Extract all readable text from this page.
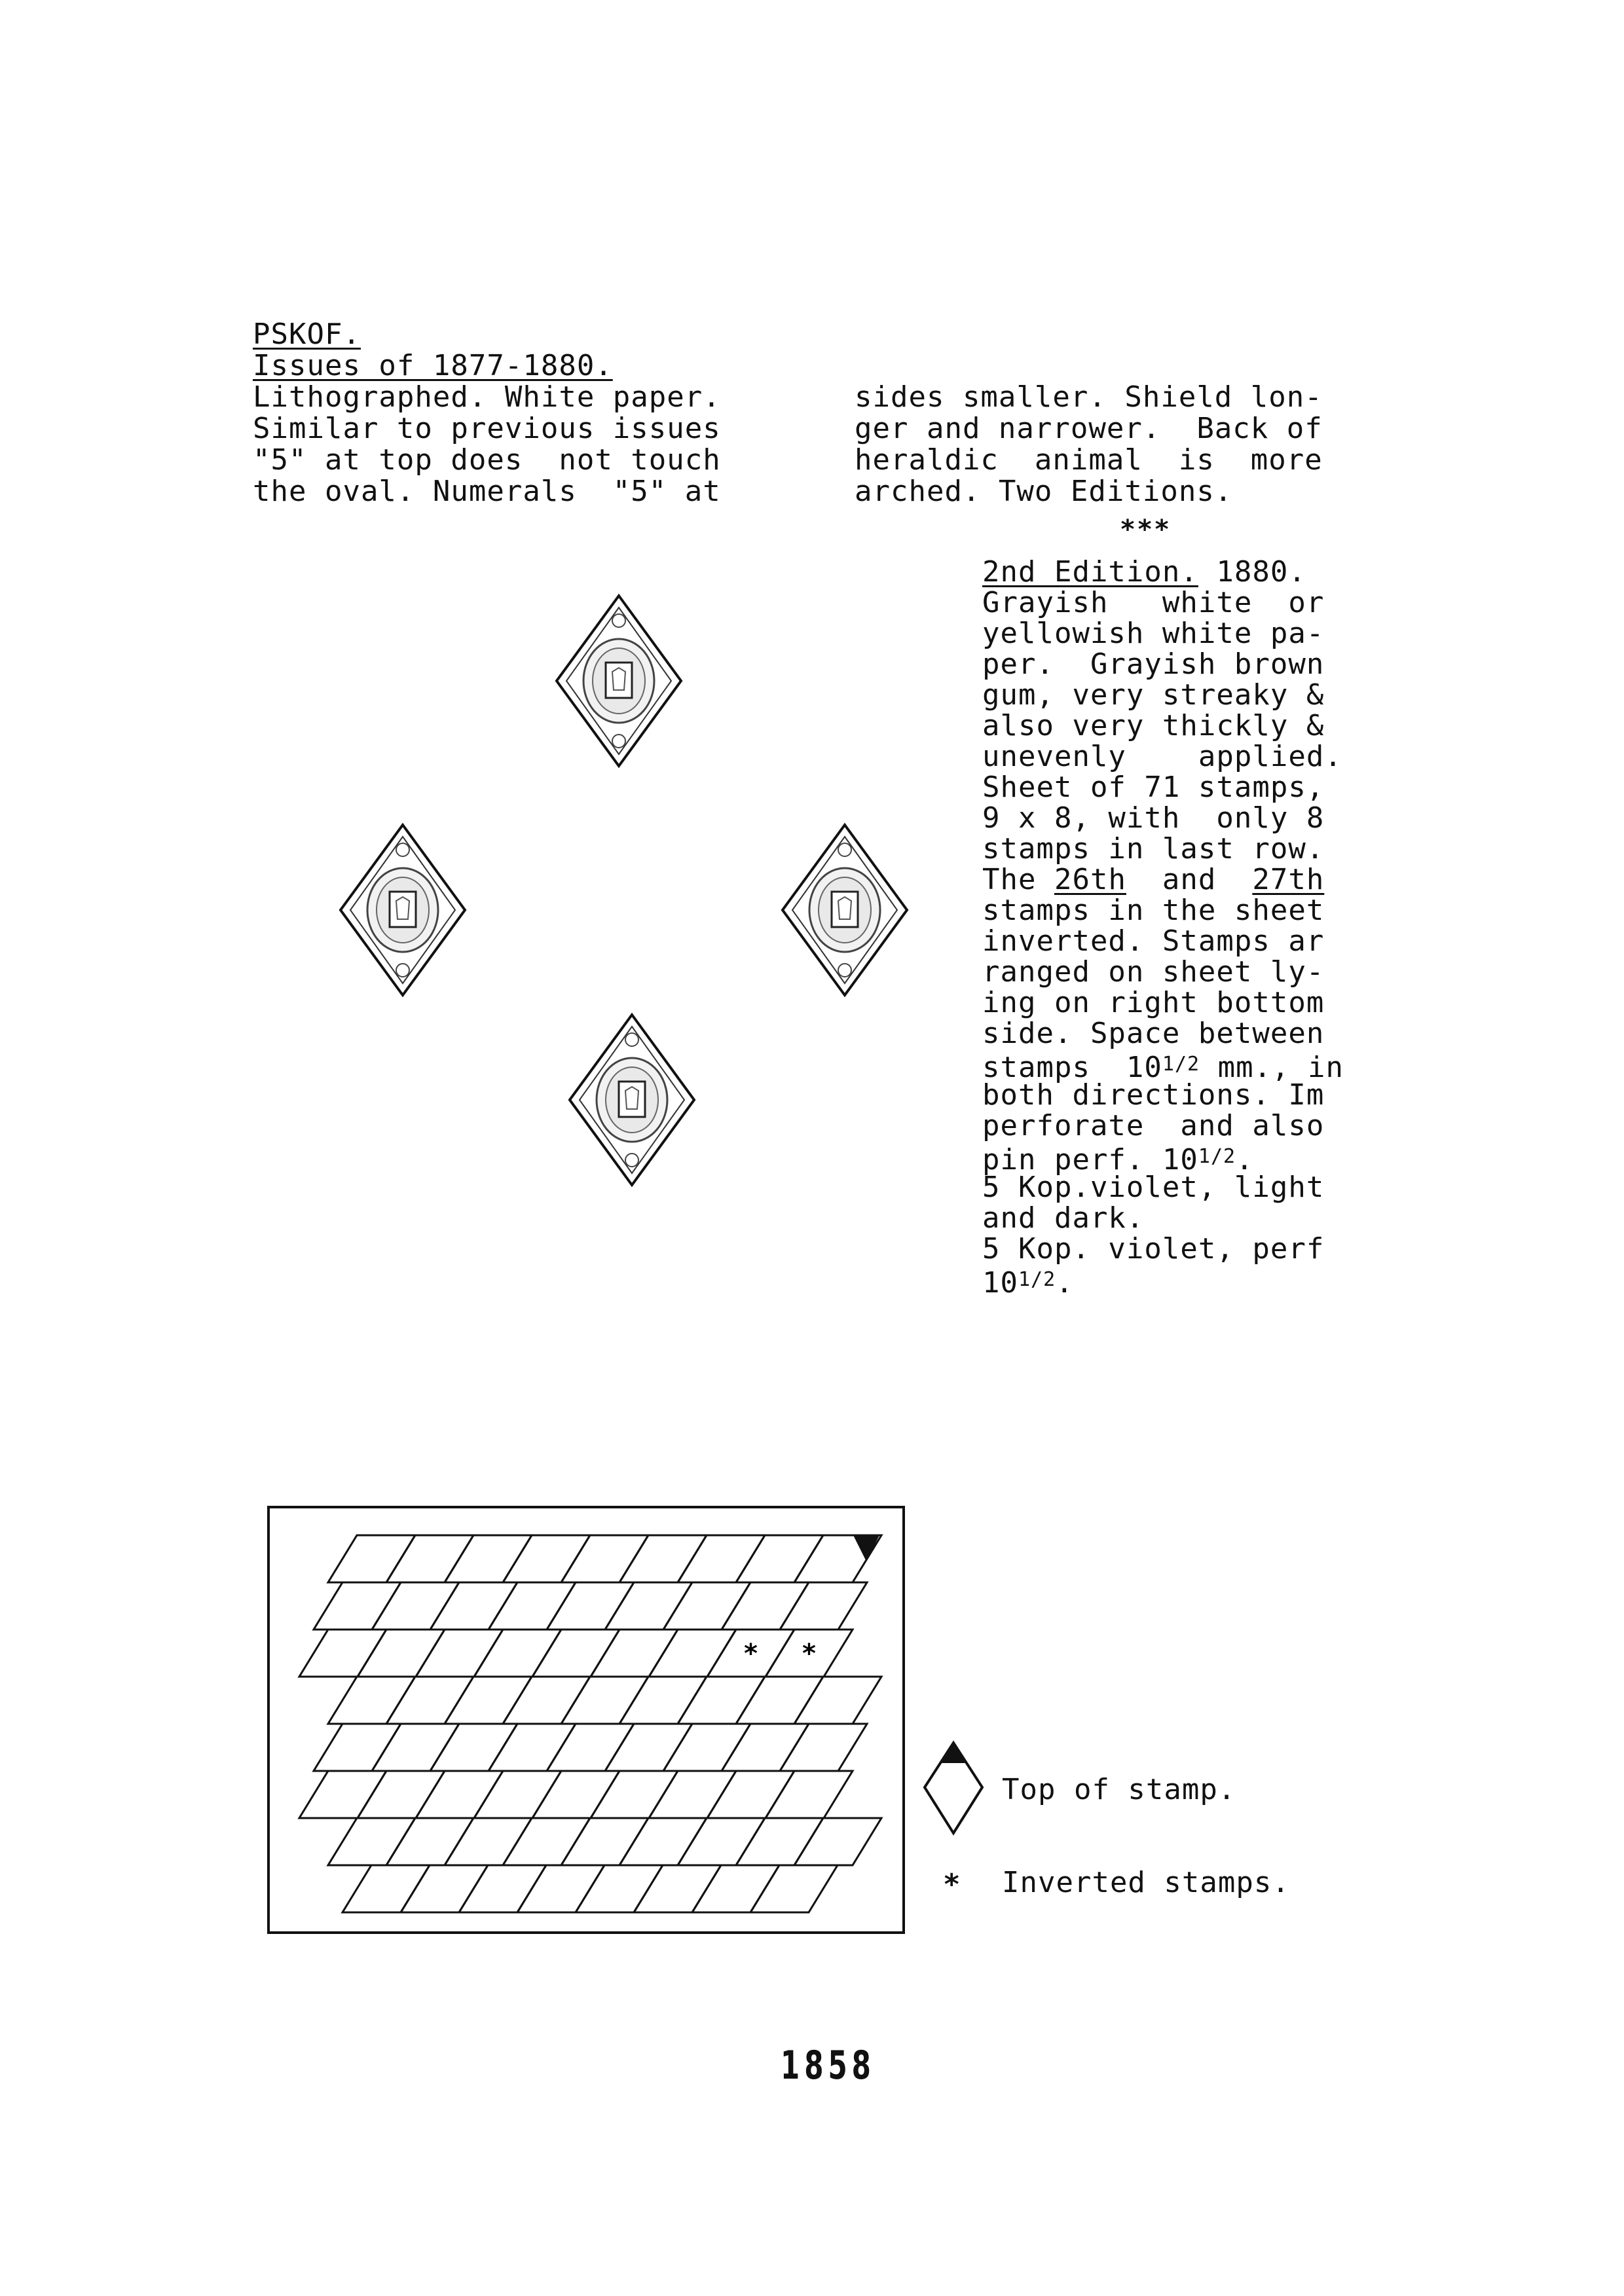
PSKOF.
Issues of 1877-1880.
Lithographed. White paper.
Similar to previous issues
"5" at top does  not touch
the oval. Numerals  "5" at
sides smaller. Shield lon-
ger and narrower.  Back of
heraldic  animal  is  more
arched. Two Editions.
***
2nd Edition. 1880.
Grayish   white  or
yellowish white pa-
per.  Grayish brown
gum, very streaky &
also very thickly &
unevenly    applied.
Sheet of 71 stamps,
9 x 8, with  only 8
stamps in last row.
The 26th  and  27th
stamps in the sheet
inverted. Stamps ar
ranged on sheet ly-
ing on right bottom
side. Space between
stamps  $10^{1/2}$ mm., in
both directions. Im
perforate  and also
pin perf. $10^{1/2}$.
5 Kop.violet, light
and dark.
5 Kop. violet, perf
$10^{1/2}$.
* *
Top of stamp.
* Inverted stamps.
1858
